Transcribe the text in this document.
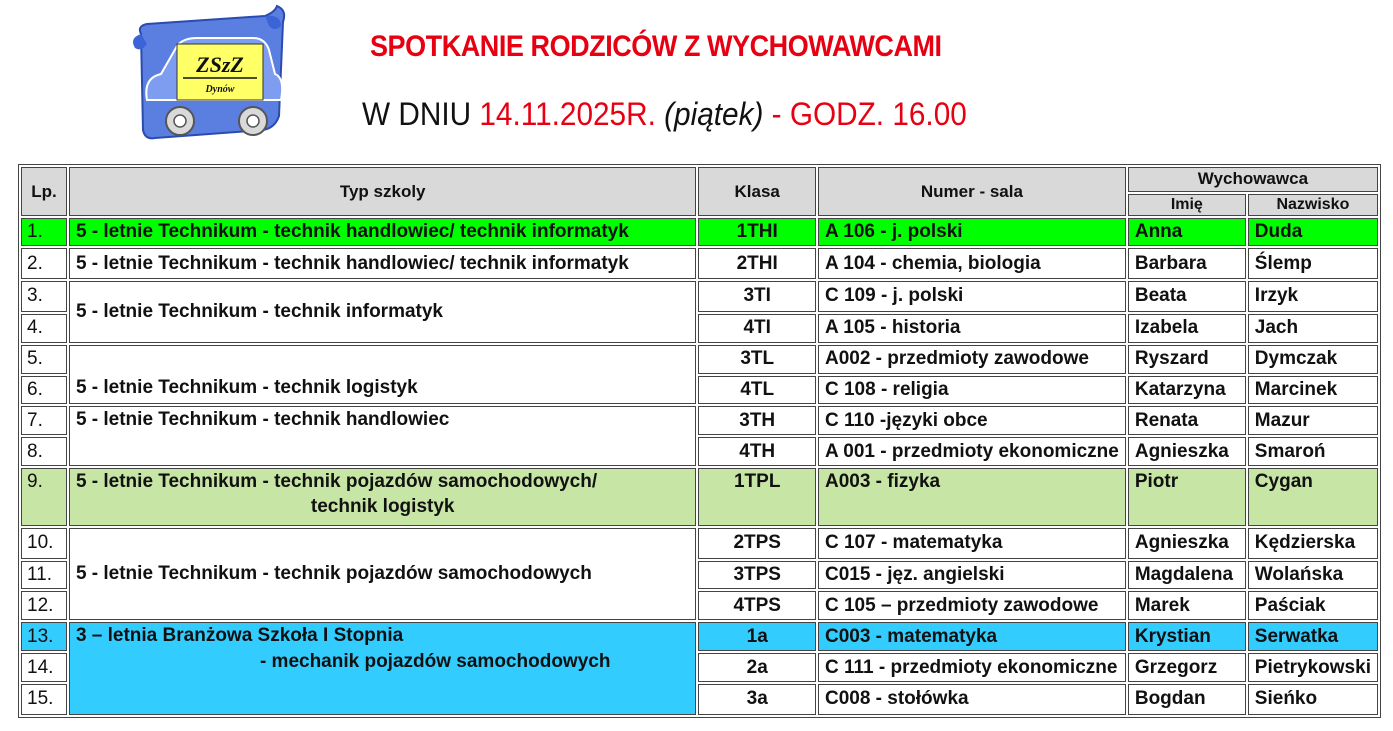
ZSzZ
Dynów
SPOTKANIE RODZICÓW Z WYCHOWAWCAMI
W DNIU 14.11.2025R. (piątek) - GODZ. 16.00
Lp.	Typ szkoly	Klasa	Numer - sala	Wychowawca	
				Imię	Nazwisko
1.	5 - letnie Technikum - technik handlowiec/ technik informatyk	1THI	A 106 - j. polski	Anna	Duda
2.	5 - letnie Technikum - technik handlowiec/ technik informatyk	2THI	A 104 - chemia, biologia	Barbara	Ślemp
3.	5 - letnie Technikum - technik informatyk	3TI	C 109 - j. polski	Beata	Irzyk
4.		4TI	A 105 - historia	Izabela	Jach
5.	5 - letnie Technikum - technik logistyk	3TL	A002 - przedmioty zawodowe	Ryszard	Dymczak
6.		4TL	C 108 - religia	Katarzyna	Marcinek
7.	5 - letnie Technikum - technik handlowiec	3TH	C 110 -języki obce	Renata	Mazur
8.		4TH	A 001 - przedmioty ekonomiczne	Agnieszka	Smaroń
9.	5 - letnie Technikum - technik pojazdów samochodowych/
technik logistyk	1TPL	A003 - fizyka	Piotr	Cygan
10.	5 - letnie Technikum - technik pojazdów samochodowych	2TPS	C 107 - matematyka	Agnieszka	Kędzierska
11.		3TPS	C015 - jęz. angielski	Magdalena	Wolańska
12.		4TPS	C 105 – przedmioty zawodowe	Marek	Paściak
13.	3 – letnia Branżowa Szkoła I Stopnia
- mechanik pojazdów samochodowych	1a	C003 - matematyka	Krystian	Serwatka
14.		2a	C 111 - przedmioty ekonomiczne	Grzegorz	Pietrykowski
15.		3a	C008 - stołówka	Bogdan	Sieńko
